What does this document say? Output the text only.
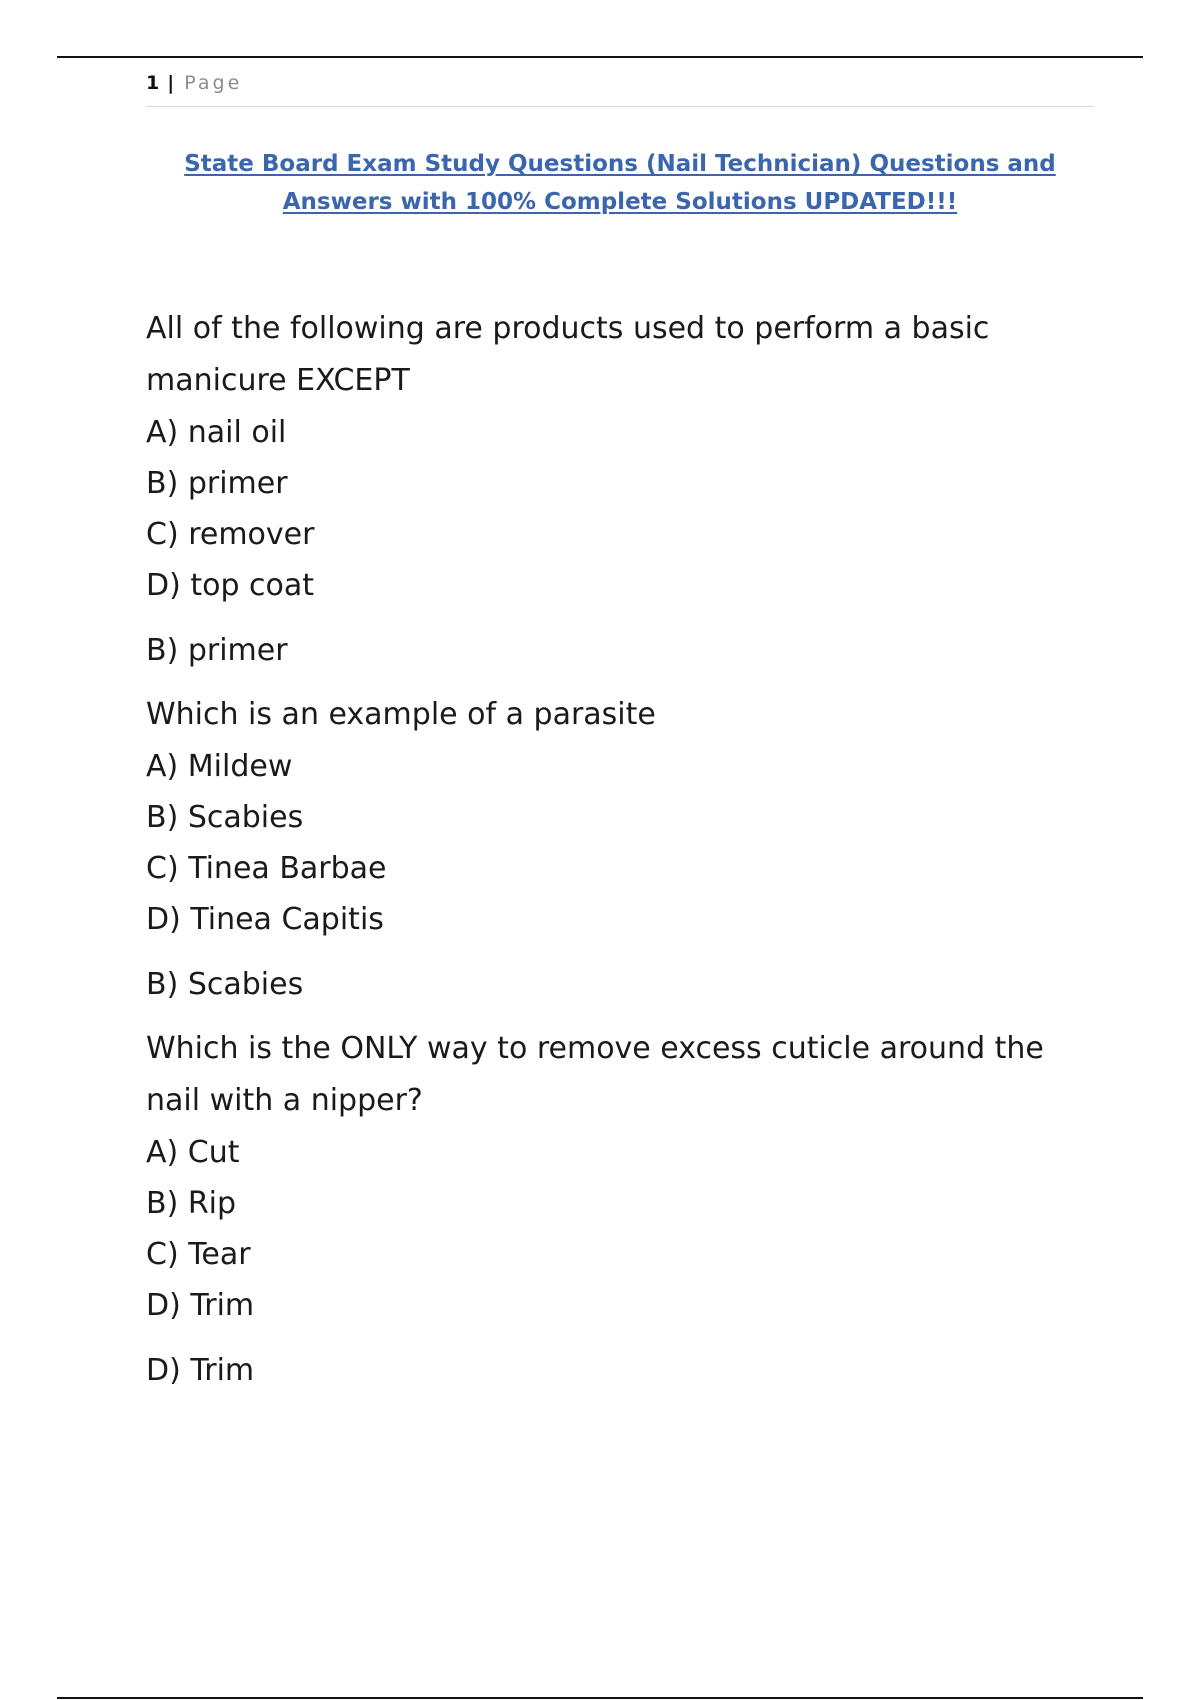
1 | Page
State Board Exam Study Questions (Nail Technician) Questions and Answers with 100% Complete Solutions UPDATED!!!
All of the following are products used to perform a basic manicure EXCEPT
A) nail oil
B) primer
C) remover
D) top coat
B) primer
Which is an example of a parasite
A) Mildew
B) Scabies
C) Tinea Barbae
D) Tinea Capitis
B) Scabies
Which is the ONLY way to remove excess cuticle around the nail with a nipper?
A) Cut
B) Rip
C) Tear
D) Trim
D) Trim
